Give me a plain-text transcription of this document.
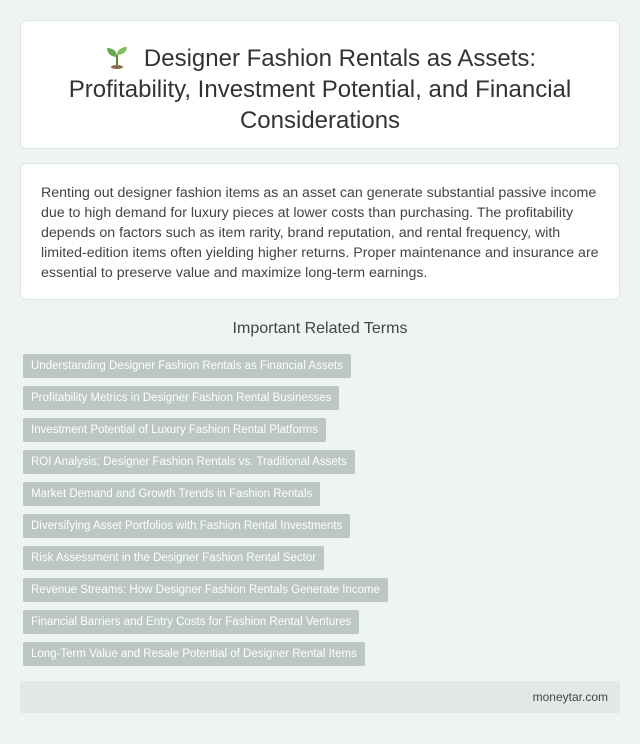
Designer Fashion Rentals as Assets: Profitability, Investment Potential, and Financial Considerations

Renting out designer fashion items as an asset can generate substantial passive income due to high demand for luxury pieces at lower costs than purchasing. The profitability depends on factors such as item rarity, brand reputation, and rental frequency, with limited-edition items often yielding higher returns. Proper maintenance and insurance are essential to preserve value and maximize long-term earnings.

Important Related Terms
Understanding Designer Fashion Rentals as Financial Assets
Profitability Metrics in Designer Fashion Rental Businesses
Investment Potential of Luxury Fashion Rental Platforms
ROI Analysis: Designer Fashion Rentals vs. Traditional Assets
Market Demand and Growth Trends in Fashion Rentals
Diversifying Asset Portfolios with Fashion Rental Investments
Risk Assessment in the Designer Fashion Rental Sector
Revenue Streams: How Designer Fashion Rentals Generate Income
Financial Barriers and Entry Costs for Fashion Rental Ventures
Long-Term Value and Resale Potential of Designer Rental Items
moneytar.com
